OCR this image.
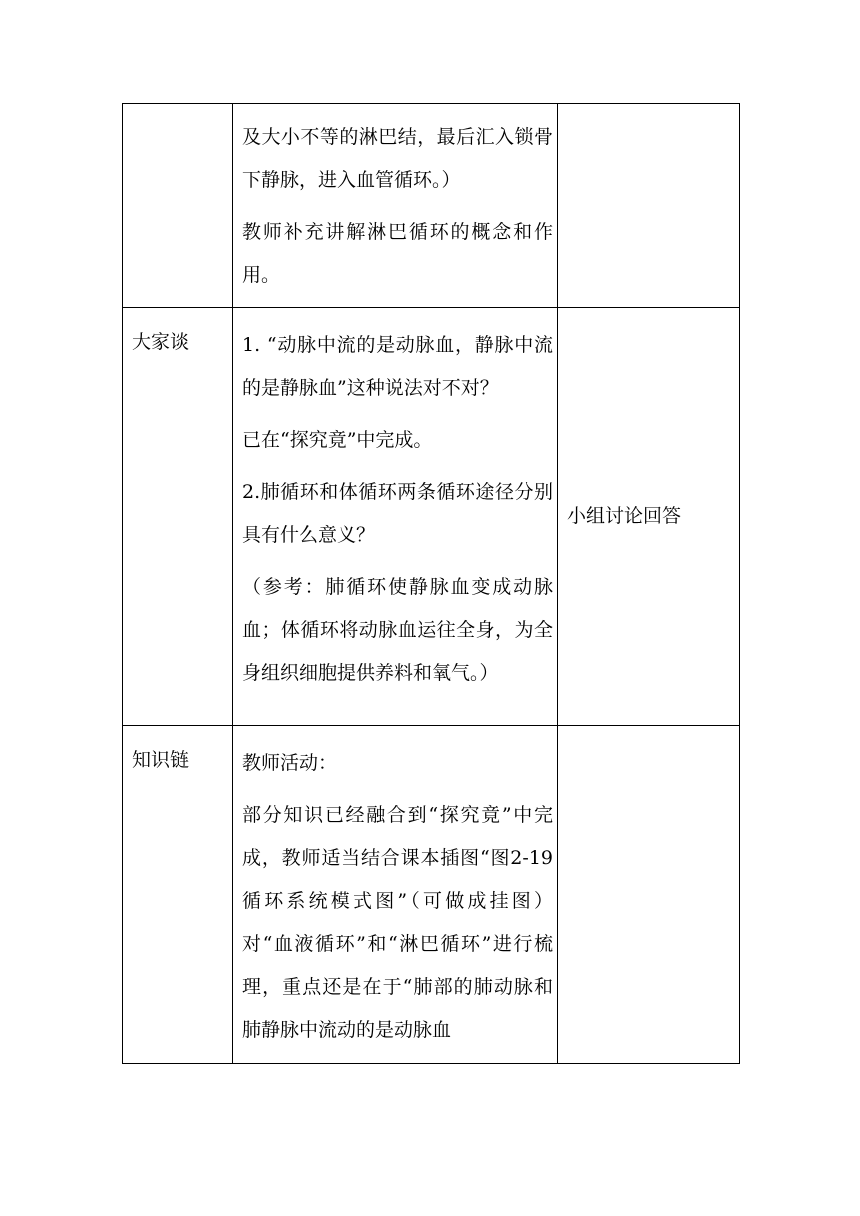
	及大小不等的淋巴结，最后汇入锁骨下静脉，进入血管循环。）

教师补充讲解淋巴循环的概念和作用。	

大家谈	1. “动脉中流的是动脉血，静脉中流的是静脉血”这种说法对不对？

已在“探究竟”中完成。

2.肺循环和体循环两条循环途径分别具有什么意义？

（参考：肺循环使静脉血变成动脉血；体循环将动脉血运往全身，为全身组织细胞提供养料和氧气。）	小组讨论回答
知识链	教师活动：

部分知识已经融合到“探究竟”中完成，教师适当结合课本插图“图2-19 循环系统模式图”（可做成挂图）对“血液循环”和“淋巴循环”进行梳理，重点还是在于“肺部的肺动脉和肺静脉中流动的是动脉血	
